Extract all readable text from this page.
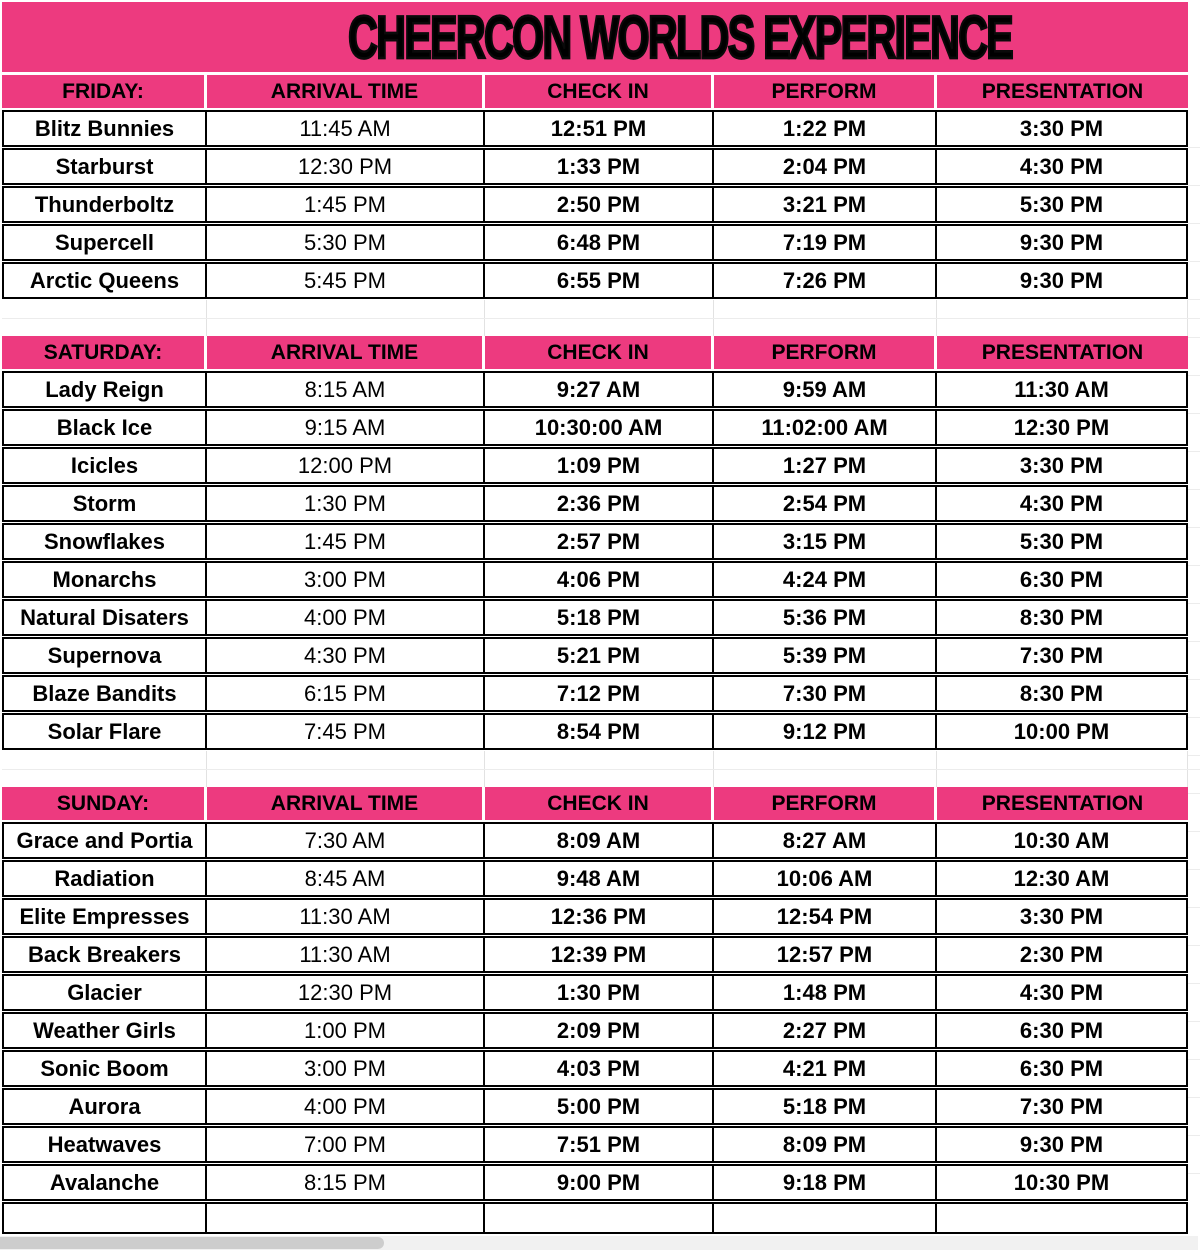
CHEERCON WORLDS EXPERIENCE
FRIDAY:	ARRIVAL TIME	CHECK IN	PERFORM	PRESENTATION
Blitz Bunnies	11:45 AM	12:51 PM	1:22 PM	3:30 PM
Starburst	12:30 PM	1:33 PM	2:04 PM	4:30 PM
Thunderboltz	1:45 PM	2:50 PM	3:21 PM	5:30 PM
Supercell	5:30 PM	6:48 PM	7:19 PM	9:30 PM
Arctic Queens	5:45 PM	6:55 PM	7:26 PM	9:30 PM
SATURDAY:	ARRIVAL TIME	CHECK IN	PERFORM	PRESENTATION
Lady Reign	8:15 AM	9:27 AM	9:59 AM	11:30 AM
Black Ice	9:15 AM	10:30:00 AM	11:02:00 AM	12:30 PM
Icicles	12:00 PM	1:09 PM	1:27 PM	3:30 PM
Storm	1:30 PM	2:36 PM	2:54 PM	4:30 PM
Snowflakes	1:45 PM	2:57 PM	3:15 PM	5:30 PM
Monarchs	3:00 PM	4:06 PM	4:24 PM	6:30 PM
Natural Disaters	4:00 PM	5:18 PM	5:36 PM	8:30 PM
Supernova	4:30 PM	5:21 PM	5:39 PM	7:30 PM
Blaze Bandits	6:15 PM	7:12 PM	7:30 PM	8:30 PM
Solar Flare	7:45 PM	8:54 PM	9:12 PM	10:00 PM
SUNDAY:	ARRIVAL TIME	CHECK IN	PERFORM	PRESENTATION
Grace and Portia	7:30 AM	8:09 AM	8:27 AM	10:30 AM
Radiation	8:45 AM	9:48 AM	10:06 AM	12:30 AM
Elite Empresses	11:30 AM	12:36 PM	12:54 PM	3:30 PM
Back Breakers	11:30 AM	12:39 PM	12:57 PM	2:30 PM
Glacier	12:30 PM	1:30 PM	1:48 PM	4:30 PM
Weather Girls	1:00 PM	2:09 PM	2:27 PM	6:30 PM
Sonic Boom	3:00 PM	4:03 PM	4:21 PM	6:30 PM
Aurora	4:00 PM	5:00 PM	5:18 PM	7:30 PM
Heatwaves	7:00 PM	7:51 PM	8:09 PM	9:30 PM
Avalanche	8:15 PM	9:00 PM	9:18 PM	10:30 PM
